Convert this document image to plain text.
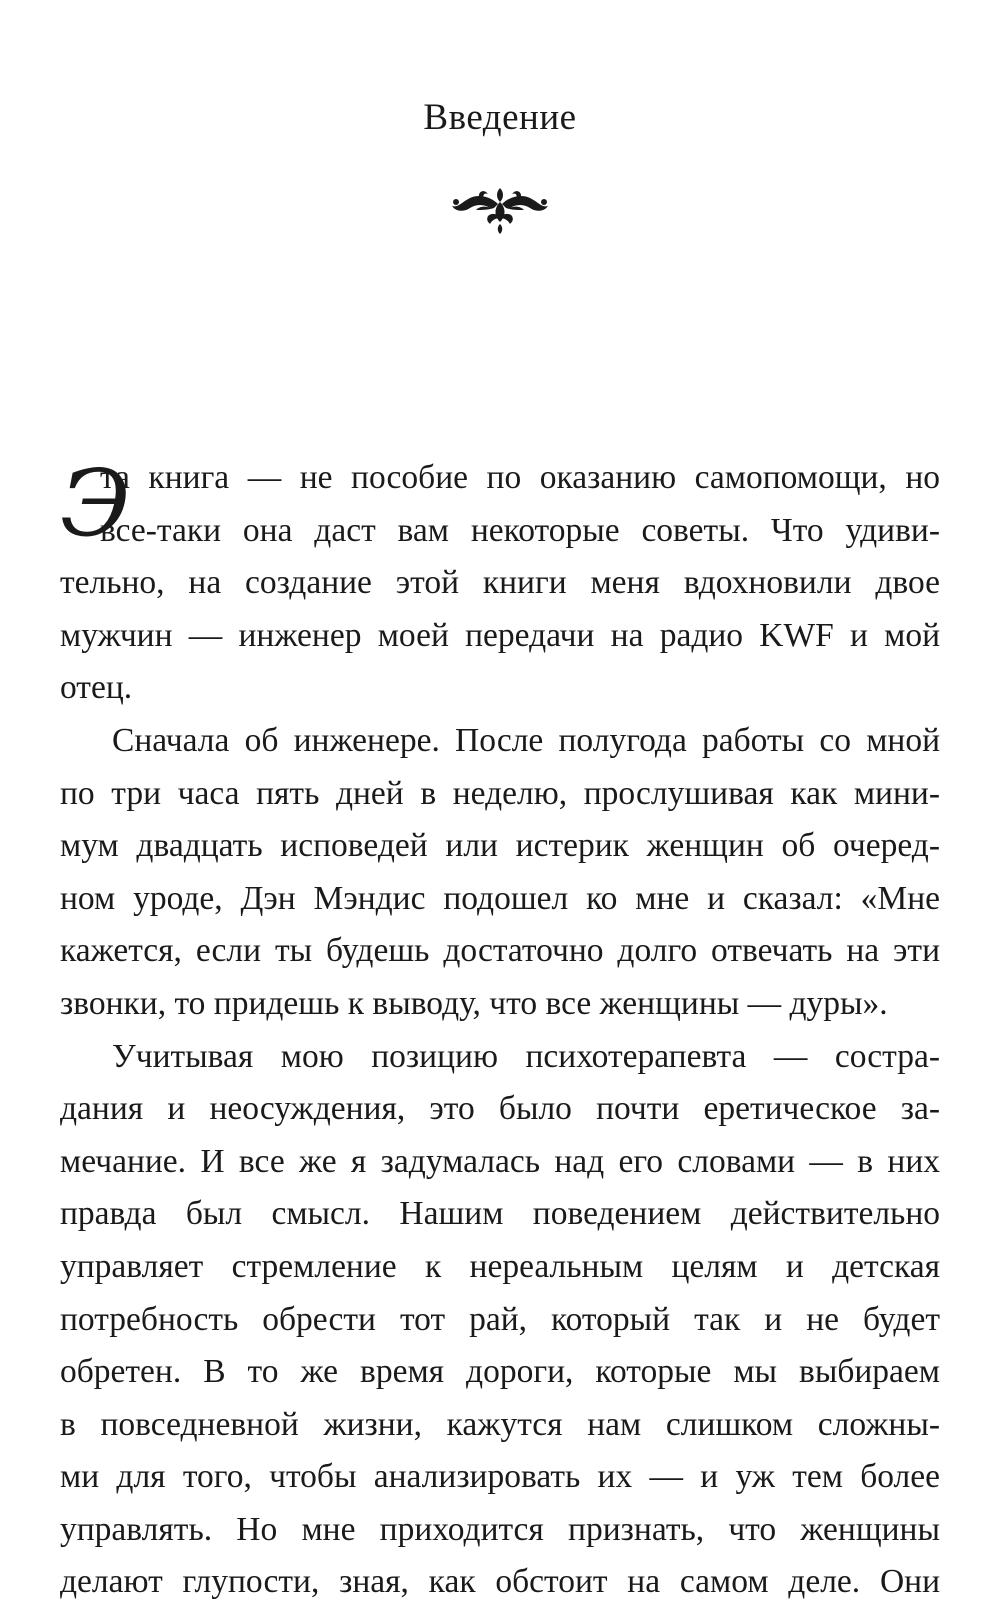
Введение
Э
та книга — не пособие по оказанию самопомощи, но
все-таки она даст вам некоторые советы. Что удиви-
тельно, на создание этой книги меня вдохновили двое
мужчин — инженер моей передачи на радио KWF и мой
отец.
Сначала об инженере. После полугода работы со мной
по три часа пять дней в неделю, прослушивая как мини-
мум двадцать исповедей или истерик женщин об очеред-
ном уроде, Дэн Мэндис подошел ко мне и сказал: «Мне
кажется, если ты будешь достаточно долго отвечать на эти
звонки, то придешь к выводу, что все женщины — дуры».
Учитывая мою позицию психотерапевта — состра-
дания и неосуждения, это было почти еретическое за-
мечание. И все же я задумалась над его словами — в них
правда был смысл. Нашим поведением действительно
управляет стремление к нереальным целям и детская
потребность обрести тот рай, который так и не будет
обретен. В то же время дороги, которые мы выбираем
в повседневной жизни, кажутся нам слишком сложны-
ми для того, чтобы анализировать их — и уж тем более
управлять. Но мне приходится признать, что женщины
делают глупости, зная, как обстоит на самом деле. Они
